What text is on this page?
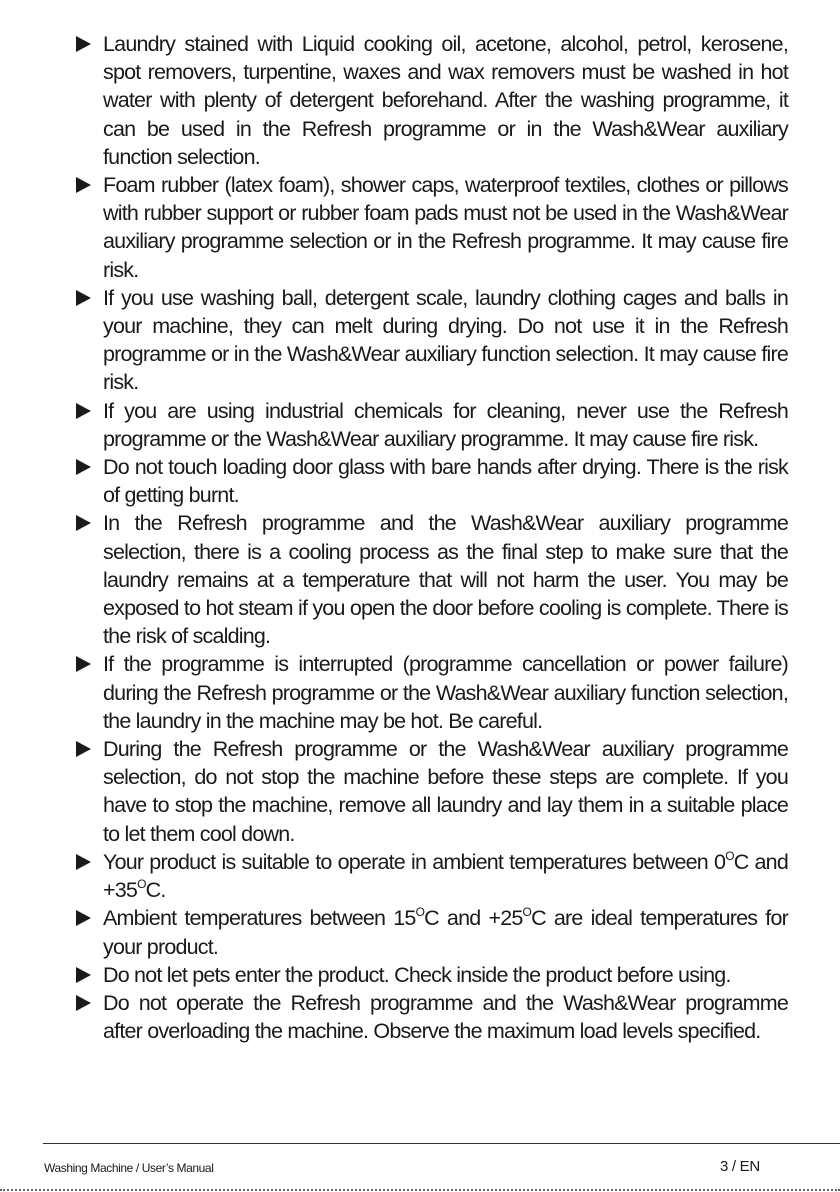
Laundry stained with Liquid cooking oil, acetone, alcohol, petrol, kerosene, spot removers, turpentine, waxes and wax removers must be washed in hot water with plenty of detergent beforehand. After the washing programme, it can be used in the Refresh programme or in the Wash&Wear auxiliary function selection.
Foam rubber (latex foam), shower caps, waterproof textiles, clothes or pillows with rubber support or rubber foam pads must not be used in the Wash&Wear auxiliary programme selection or in the Refresh programme. It may cause fire risk.
If you use washing ball, detergent scale, laundry clothing cages and balls in your machine, they can melt during drying. Do not use it in the Refresh programme or in the Wash&Wear auxiliary function selection. It may cause fire risk.
If you are using industrial chemicals for cleaning, never use the Refresh programme or the Wash&Wear auxiliary programme. It may cause fire risk.
Do not touch loading door glass with bare hands after drying. There is the risk of getting burnt.
In the Refresh programme and the Wash&Wear auxiliary programme selection, there is a cooling process as the final step to make sure that the laundry remains at a temperature that will not harm the user. You may be exposed to hot steam if you open the door before cooling is complete. There is the risk of scalding.
If the programme is interrupted (programme cancellation or power failure) during the Refresh programme or the Wash&Wear auxiliary function selection, the laundry in the machine may be hot. Be careful.
During the Refresh programme or the Wash&Wear auxiliary programme selection, do not stop the machine before these steps are complete. If you have to stop the machine, remove all laundry and lay them in a suitable place to let them cool down.
Your product is suitable to operate in ambient temperatures between $0^OC$ and $+35^OC$.
Ambient temperatures between $15^OC$ and $+25^OC$ are ideal temperatures for your product.
Do not let pets enter the product. Check inside the product before using.
Do not operate the Refresh programme and the Wash&Wear programme after overloading the machine. Observe the maximum load levels specified.
Washing Machine / User’s Manual	3 / EN
